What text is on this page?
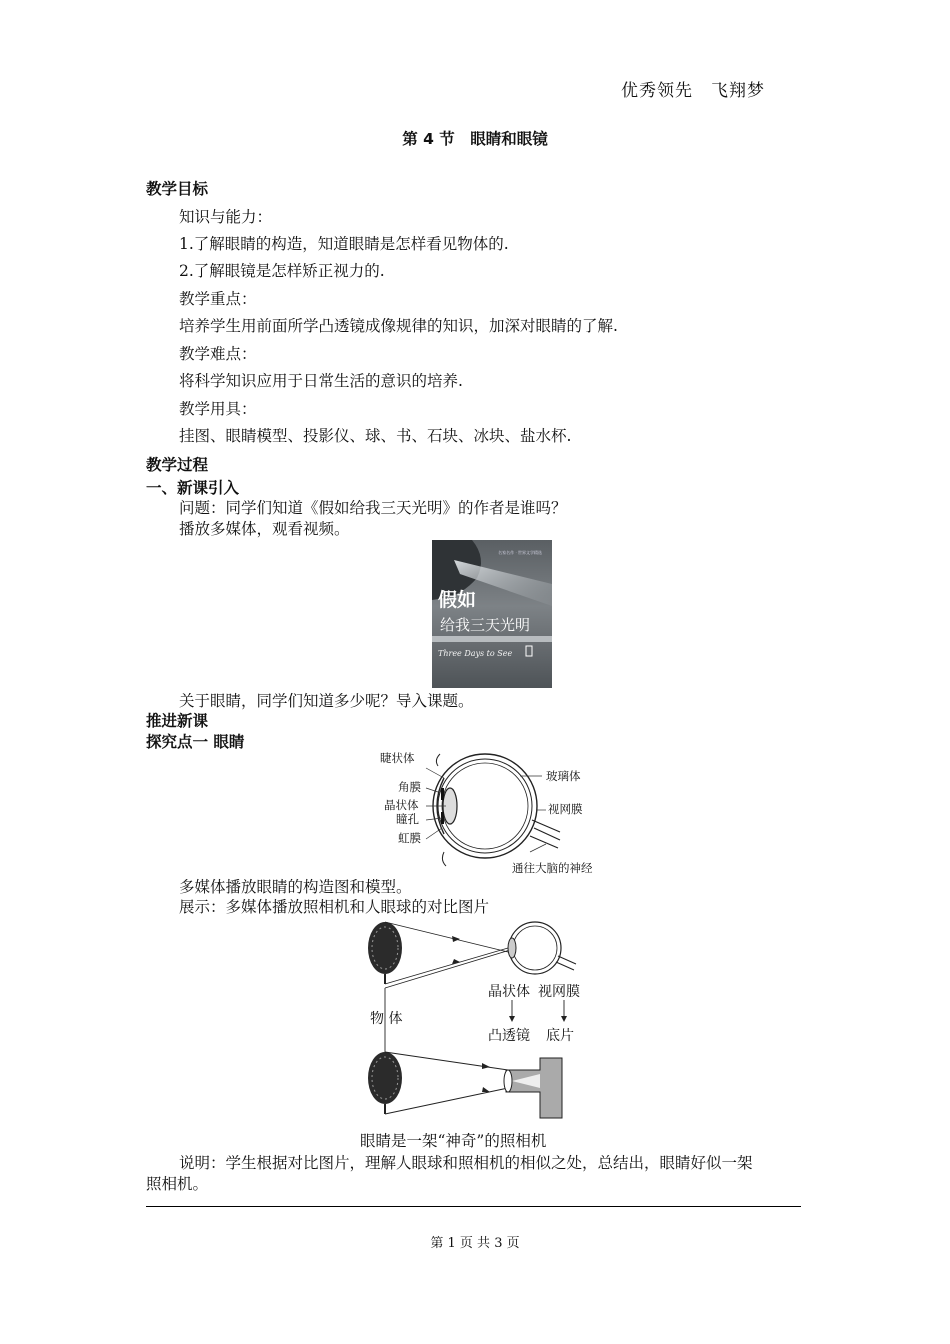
优秀领先　飞翔梦
第 4 节　眼睛和眼镜
教学目标
知识与能力：
1.了解眼睛的构造，知道眼睛是怎样看见物体的.
2.了解眼镜是怎样矫正视力的.
教学重点：
培养学生用前面所学凸透镜成像规律的知识，加深对眼睛的了解.
教学难点：
将科学知识应用于日常生活的意识的培养.
教学用具：
挂图、眼睛模型、投影仪、球、书、石块、冰块、盐水杯.
教学过程
一、新课引入
问题：同学们知道《假如给我三天光明》的作者是谁吗？
播放多媒体，观看视频。
名家名作 · 世界文学精选
假如
给我三天光明
Three Days to See
关于眼睛，同学们知道多少呢？导入课题。
推进新课
探究点一 眼睛
睫状体
角膜
晶状体
瞳孔
虹膜
玻璃体
视网膜
通往大脑的神经
多媒体播放眼睛的构造图和模型。
展示：多媒体播放照相机和人眼球的对比图片
物 体
晶状体 视网膜
凸透镜 底片
眼睛是一架“神奇”的照相机
说明：学生根据对比图片，理解人眼球和照相机的相似之处，总结出，眼睛好似一架
照相机。
第 1 页 共 3 页
